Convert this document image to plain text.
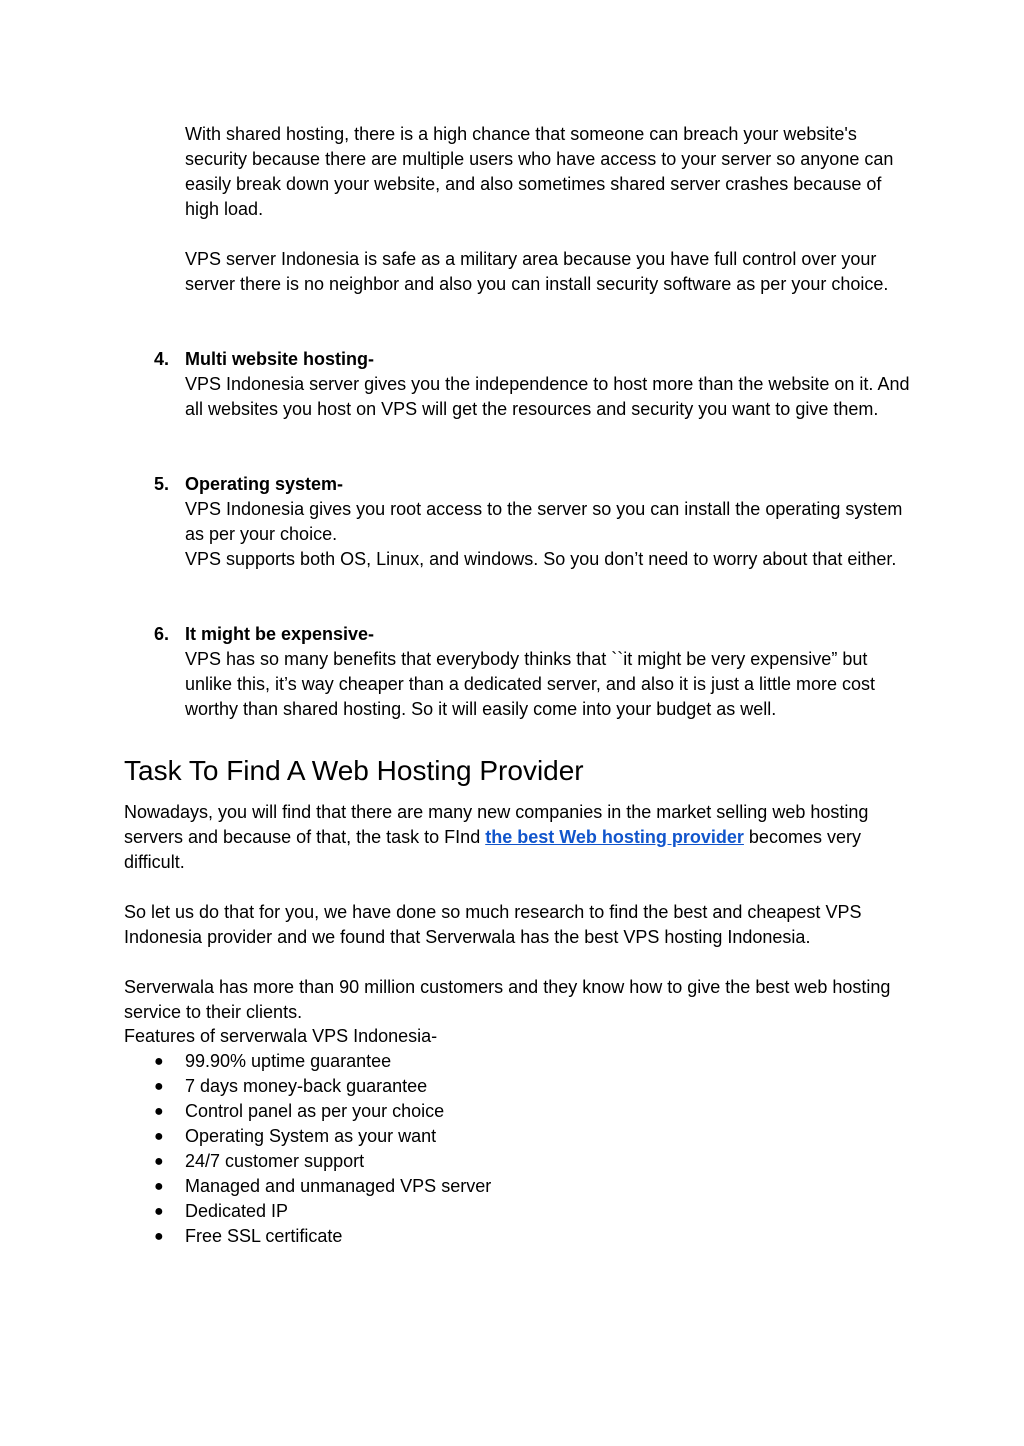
With shared hosting, there is a high chance that someone can breach your website's security because there are multiple users who have access to your server so anyone can easily break down your website, and also sometimes shared server crashes because of high load.

VPS server Indonesia is safe as a military area because you have full control over your server there is no neighbor and also you can install security software as per your choice.

4. Multi website hosting-
VPS Indonesia server gives you the independence to host more than the website on it. And all websites you host on VPS will get the resources and security you want to give them.
5. Operating system-
VPS Indonesia gives you root access to the server so you can install the operating system as per your choice.
VPS supports both OS, Linux, and windows. So you don’t need to worry about that either.
6. It might be expensive-
VPS has so many benefits that everybody thinks that ``it might be very expensive” but unlike this, it’s way cheaper than a dedicated server, and also it is just a little more cost worthy than shared hosting. So it will easily come into your budget as well.
Task To Find A Web Hosting Provider

Nowadays, you will find that there are many new companies in the market selling web hosting servers and because of that, the task to FInd the best Web hosting provider becomes very difficult.

So let us do that for you, we have done so much research to find the best and cheapest VPS Indonesia provider and we found that Serverwala has the best VPS hosting Indonesia.

Serverwala has more than 90 million customers and they know how to give the best web hosting service to their clients.

Features of serverwala VPS Indonesia-

● 99.90% uptime guarantee
● 7 days money-back guarantee
● Control panel as per your choice
● Operating System as your want
● 24/7 customer support
● Managed and unmanaged VPS server
● Dedicated IP
● Free SSL certificate
